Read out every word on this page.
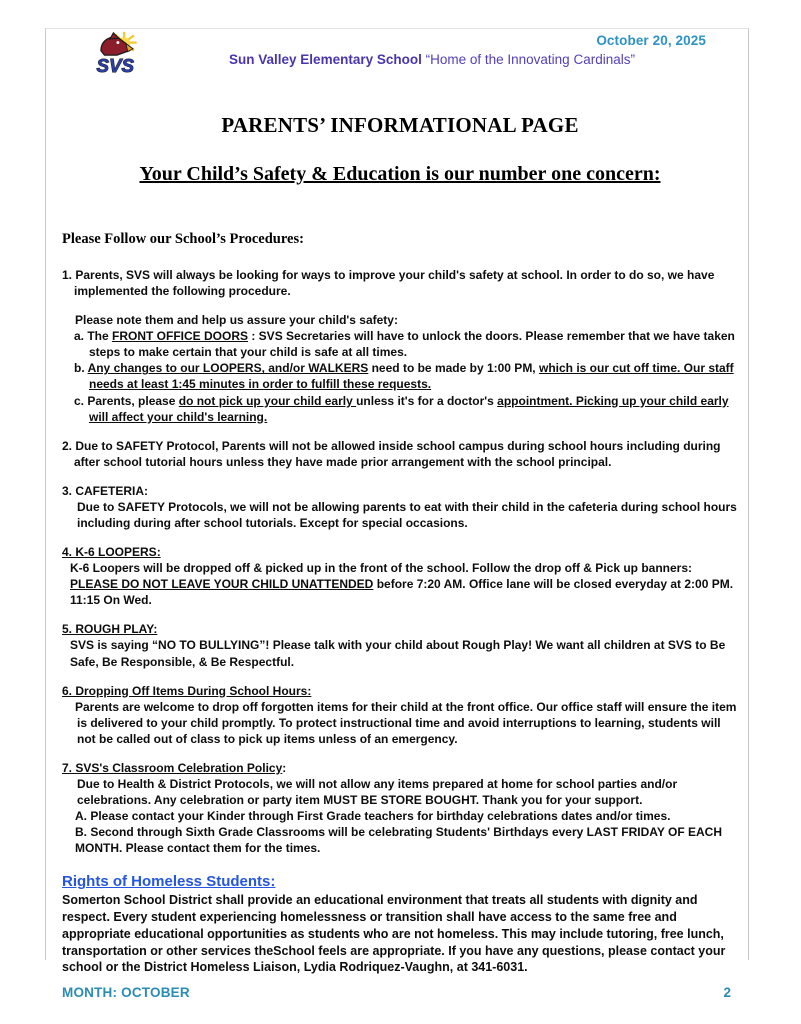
SVS
October 20, 2025
Sun Valley Elementary School “Home of the Innovating Cardinals”
PARENTS’ INFORMATIONAL PAGE
Your Child’s Safety & Education is our number one concern:
Please Follow our School’s Procedures:
1. Parents, SVS will always be looking for ways to improve your child's safety at school. In order to do so, we have implemented the following procedure.
Please note them and help us assure your child's safety:
a. The FRONT OFFICE DOORS : SVS Secretaries will have to unlock the doors. Please remember that we have taken steps to make certain that your child is safe at all times.
b. Any changes to our LOOPERS, and/or WALKERS need to be made by 1:00 PM, which is our cut off time. Our staff needs at least 1:45 minutes in order to fulfill these requests.
c. Parents, please do not pick up your child early unless it's for a doctor's appointment. Picking up your child early will affect your child's learning.
2. Due to SAFETY Protocol, Parents will not be allowed inside school campus during school hours including during after school tutorial hours unless they have made prior arrangement with the school principal.
3. CAFETERIA:
Due to SAFETY Protocols, we will not be allowing parents to eat with their child in the cafeteria during school hours including during after school tutorials. Except for special occasions.
4. K-6 LOOPERS:
K-6 Loopers will be dropped off & picked up in the front of the school. Follow the drop off & Pick up banners: PLEASE DO NOT LEAVE YOUR CHILD UNATTENDED before 7:20 AM. Office lane will be closed everyday at 2:00 PM. 11:15 On Wed.
5. ROUGH PLAY:
SVS is saying “NO TO BULLYING”! Please talk with your child about Rough Play! We want all children at SVS to Be Safe, Be Responsible, & Be Respectful.
6. Dropping Off Items During School Hours:
Parents are welcome to drop off forgotten items for their child at the front office. Our office staff will ensure the item is delivered to your child promptly. To protect instructional time and avoid interruptions to learning, students will not be called out of class to pick up items unless of an emergency.
7. SVS's Classroom Celebration Policy:
Due to Health & District Protocols, we will not allow any items prepared at home for school parties and/or celebrations. Any celebration or party item MUST BE STORE BOUGHT. Thank you for your support.
A. Please contact your Kinder through First Grade teachers for birthday celebrations dates and/or times.
B. Second through Sixth Grade Classrooms will be celebrating Students' Birthdays every LAST FRIDAY OF EACH MONTH. Please contact them for the times.
Rights of Homeless Students:
Somerton School District shall provide an educational environment that treats all students with dignity and respect. Every student experiencing homelessness or transition shall have access to the same free and appropriate educational opportunities as students who are not homeless. This may include tutoring, free lunch, transportation or other services theSchool feels are appropriate. If you have any questions, please contact your school or the District Homeless Liaison, Lydia Rodriquez-Vaughn, at 341-6031.
MONTH: OCTOBER	2
